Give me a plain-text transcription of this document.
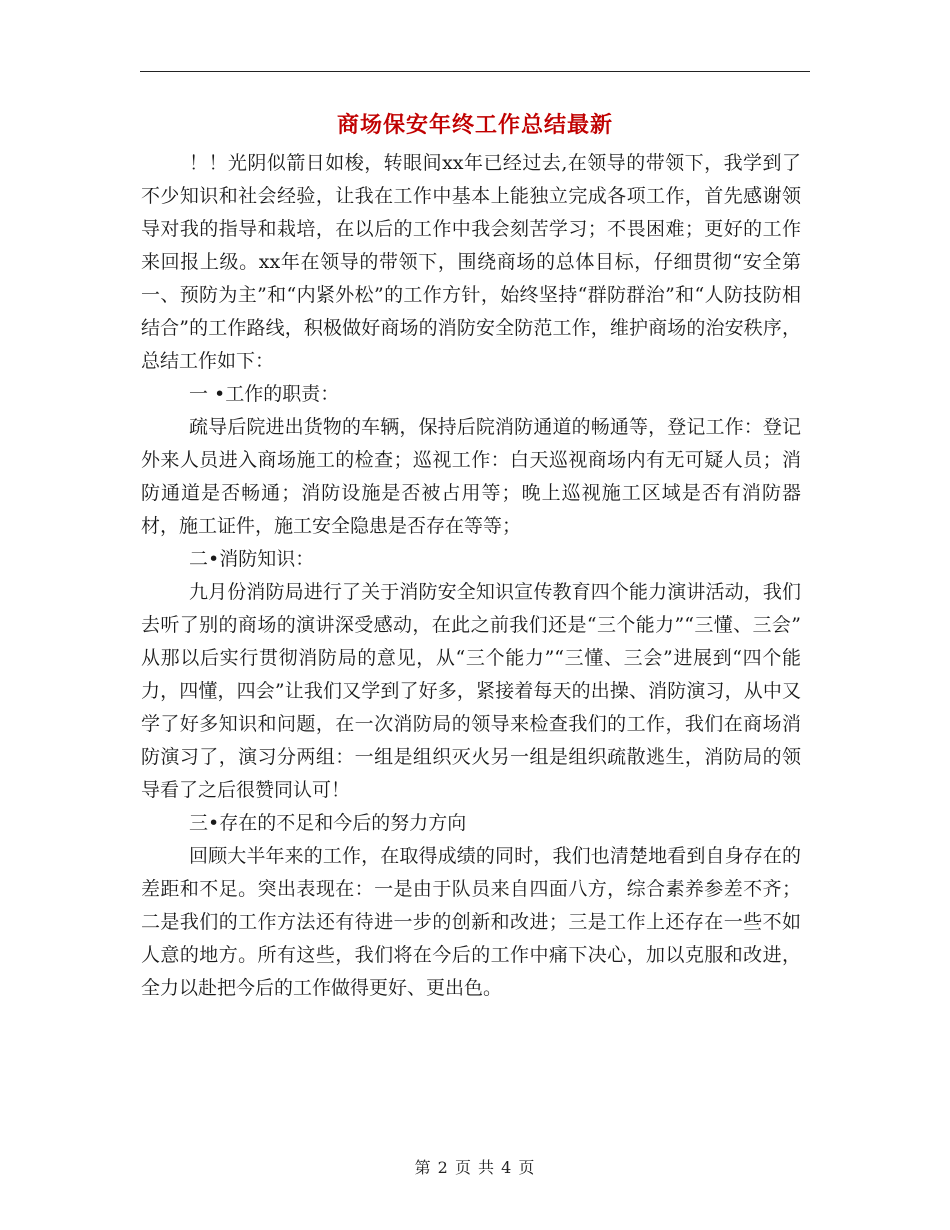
商场保安年终工作总结最新

！！光阴似箭日如梭，转眼间xx年已经过去,在领导的带领下，我学到了不少知识和社会经验，让我在工作中基本上能独立完成各项工作，首先感谢领导对我的指导和栽培，在以后的工作中我会刻苦学习；不畏困难；更好的工作来回报上级。xx年在领导的带领下，围绕商场的总体目标，仔细贯彻“安全第一、预防为主”和“内紧外松”的工作方针，始终坚持“群防群治”和“人防技防相结合”的工作路线，积极做好商场的消防安全防范工作，维护商场的治安秩序，总结工作如下：

一 •工作的职责：

疏导后院进出货物的车辆，保持后院消防通道的畅通等，登记工作：登记外来人员进入商场施工的检查；巡视工作：白天巡视商场内有无可疑人员；消防通道是否畅通；消防设施是否被占用等；晚上巡视施工区域是否有消防器材，施工证件，施工安全隐患是否存在等等；

二•消防知识：

九月份消防局进行了关于消防安全知识宣传教育四个能力演讲活动，我们去听了别的商场的演讲深受感动，在此之前我们还是“三个能力”“三懂、三会” 从那以后实行贯彻消防局的意见，从“三个能力”“三懂、三会”进展到“四个能力，四懂，四会”让我们又学到了好多，紧接着每天的出操、消防演习，从中又学了好多知识和问题，在一次消防局的领导来检查我们的工作，我们在商场消防演习了，演习分两组：一组是组织灭火另一组是组织疏散逃生，消防局的领导看了之后很赞同认可！

三•存在的不足和今后的努力方向

回顾大半年来的工作，在取得成绩的同时，我们也清楚地看到自身存在的差距和不足。突出表现在：一是由于队员来自四面八方，综合素养参差不齐；二是我们的工作方法还有待进一步的创新和改进；三是工作上还存在一些不如人意的地方。所有这些，我们将在今后的工作中痛下决心，加以克服和改进，全力以赴把今后的工作做得更好、更出色。

第 2 页 共 4 页
